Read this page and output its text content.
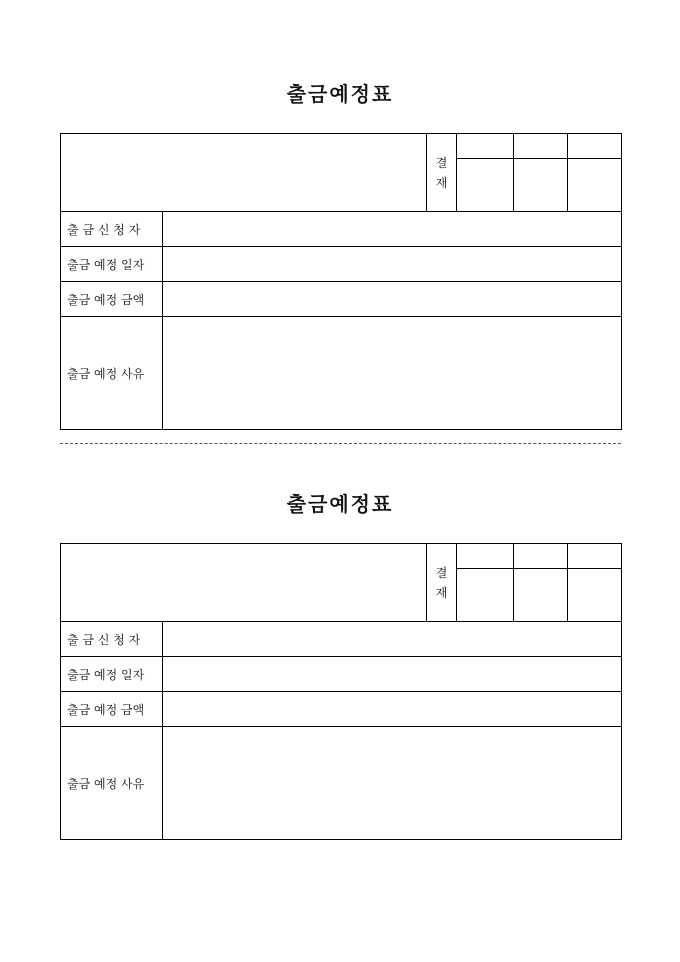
출금예정표

		결
재			

출 금 신 청 자					
출금 예정 일자					
출금 예정 금액					
출금 예정 사유					
출금예정표

		결
재			

출 금 신 청 자					
출금 예정 일자					
출금 예정 금액					
출금 예정 사유					
